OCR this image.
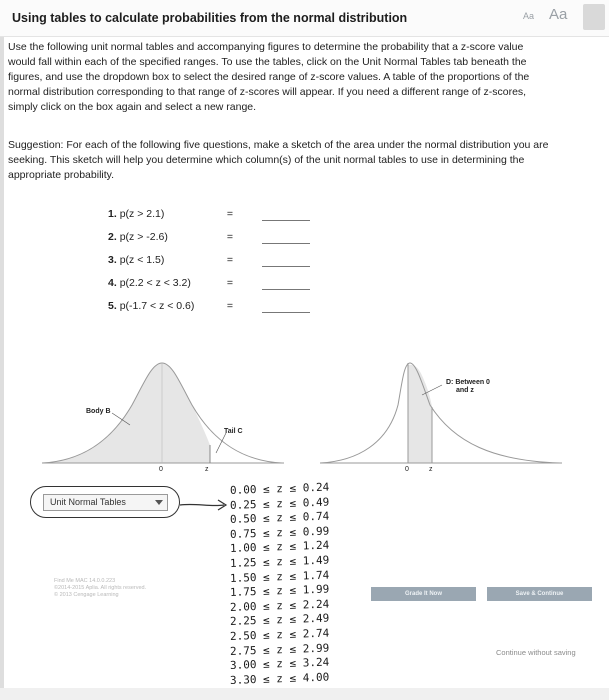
Using tables to calculate probabilities from the normal distribution	Aa Aa
Use the following unit normal tables and accompanying figures to determine the probability that a z-score value
would fall within each of the specified ranges. To use the tables, click on the Unit Normal Tables tab beneath the
figures, and use the dropdown box to select the desired range of z-score values. A table of the proportions of the
normal distribution corresponding to that range of z-scores will appear. If you need a different range of z-scores,
simply click on the box again and select a new range.
Suggestion: For each of the following five questions, make a sketch of the area under the normal distribution you are
seeking. This sketch will help you determine which column(s) of the unit normal tables to use in determining the
appropriate probability.
1. p(z > 2.1)	=
2. p(z > -2.6)	=
3. p(z < 1.5)	=
4. p(2.2 < z < 3.2)	=
5. p(-1.7 < z < 0.6)	=
Body B
Tail C
0	z
D: Between 0
and z
0	z
Unit Normal Tables
0.00 ≤ z ≤ 0.24
0.25 ≤ z ≤ 0.49
0.50 ≤ z ≤ 0.74
0.75 ≤ z ≤ 0.99
1.00 ≤ z ≤ 1.24
1.25 ≤ z ≤ 1.49
1.50 ≤ z ≤ 1.74
1.75 ≤ z ≤ 1.99
2.00 ≤ z ≤ 2.24
2.25 ≤ z ≤ 2.49
2.50 ≤ z ≤ 2.74
2.75 ≤ z ≤ 2.99
3.00 ≤ z ≤ 3.24
3.30 ≤ z ≤ 4.00
Find Me MAC 14.0.0.223
©2014-2015 Aplia. All rights reserved.
© 2013 Cengage Learning	Grade It Now	Save & Continue
Continue without saving
